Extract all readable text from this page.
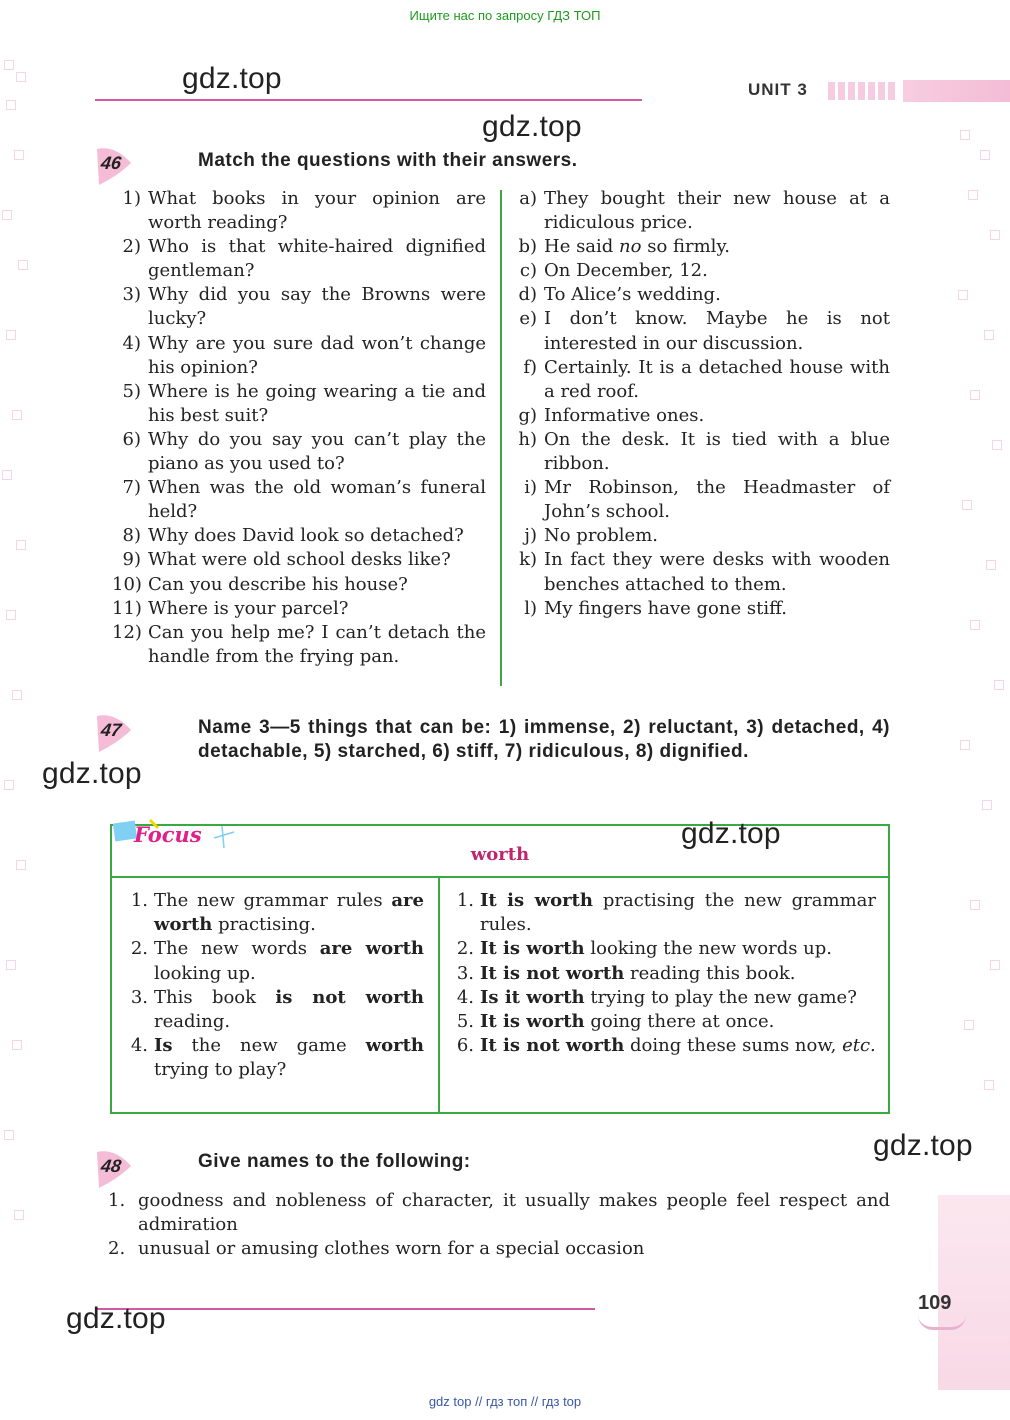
Ищите нас по запросу ГДЗ ТОП
gdz.top	UNIT 3
gdz.top
46	Match the questions with their answers.
1) What books in your opinion are worth reading?
2) Who is that white-haired dignified gentleman?
3) Why did you say the Browns were lucky?
4) Why are you sure dad won’t change his opinion?
5) Where is he going wearing a tie and his best suit?
6) Why do you say you can’t play the piano as you used to?
7) When was the old woman’s funeral held?
8) Why does David look so detached?
9) What were old school desks like?
10) Can you describe his house?
11) Where is your parcel?
12) Can you help me? I can’t detach the handle from the frying pan.
a) They bought their new house at a ridiculous price.
b) He said no so firmly.
c) On December, 12.
d) To Alice’s wedding.
e) I don’t know. Maybe he is not interested in our discussion.
f) Certainly. It is a detached house with a red roof.
g) Informative ones.
h) On the desk. It is tied with a blue ribbon.
i) Mr Robinson, the Headmaster of John’s school.
j) No problem.
k) In fact they were desks with wooden benches attached to them.
l) My fingers have gone stiff.
47	Name 3—5 things that can be: 1) immense, 2) reluctant, 3) detached, 4) detachable, 5) starched, 6) stiff, 7) ridiculous, 8) dignified.
gdz.top
Focus
worth
1. The new grammar rules are worth practising.
2. The new words are worth looking up.
3. This book is not worth reading.
4. Is the new game worth trying to play?
1. It is worth practising the new grammar rules.
2. It is worth looking the new words up.
3. It is not worth reading this book.
4. Is it worth trying to play the new game?
5. It is worth going there at once.
6. It is not worth doing these sums now, etc.
gdz.top
48	Give names to the following:	gdz.top
1. goodness and nobleness of character, it usually makes people feel respect and admiration
2. unusual or amusing clothes worn for a special occasion
gdz.top	109
gdz top // гдз топ // гдз top
